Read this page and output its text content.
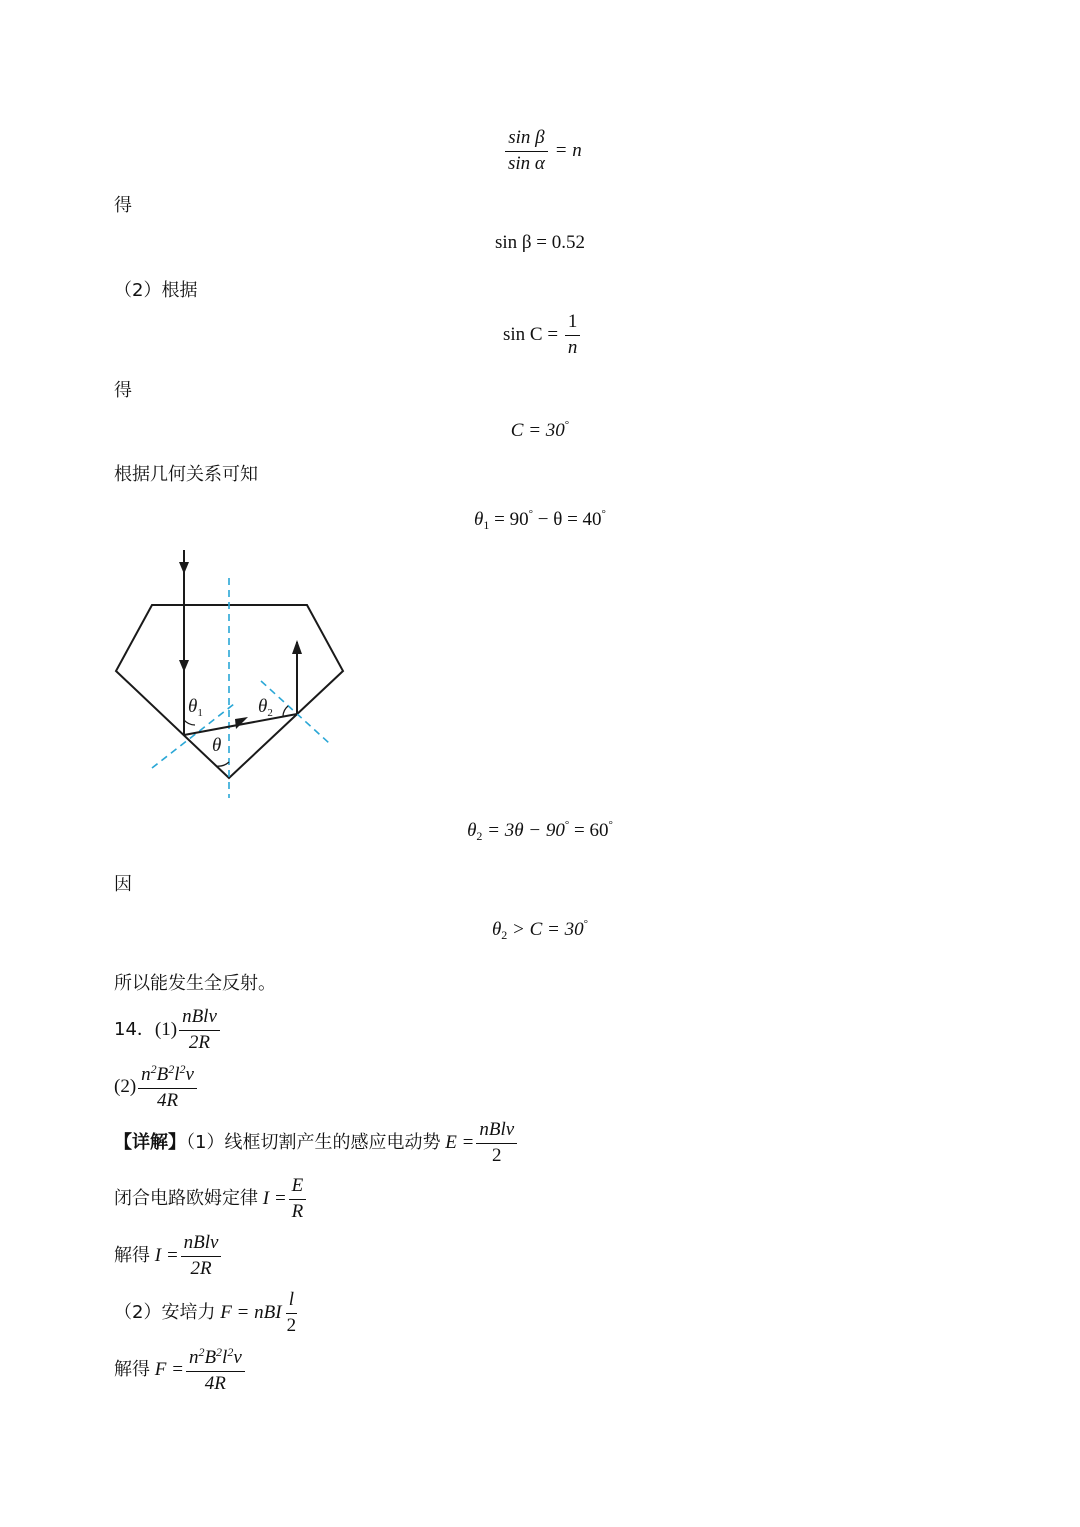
$\frac{\text{sin β}}{\text{sin α}} = n$
得
sin β = 0.52
（2）根据
$\sin C = \frac{1}{n}$
得
C = 30°
根据几何关系可知
$\theta_1 = 90^\circ - \theta = 40^\circ$
$\theta_1$	$\theta_2$
θ
$\theta_2 = 3\theta - 90^\circ = 60^\circ$
因
$\theta_2 > C = 30^\circ$
所以能发生全反射。
14．$(1) \frac{\text{nBlv}}{2R}$
$(2) \frac{n^2B^2l^2v}{4R}$
【详解】（1）线框切割产生的感应电动势 $E = \frac{\text{nBlv}}{2}$
闭合电路欧姆定律 $I = \frac{E}{R}$
解得 $I = \frac{\text{nBlv}}{2R}$
（2）安培力 F = nBI $\frac{l}{2}$
解得 $F = \frac{n^2B^2l^2v}{4R}$
